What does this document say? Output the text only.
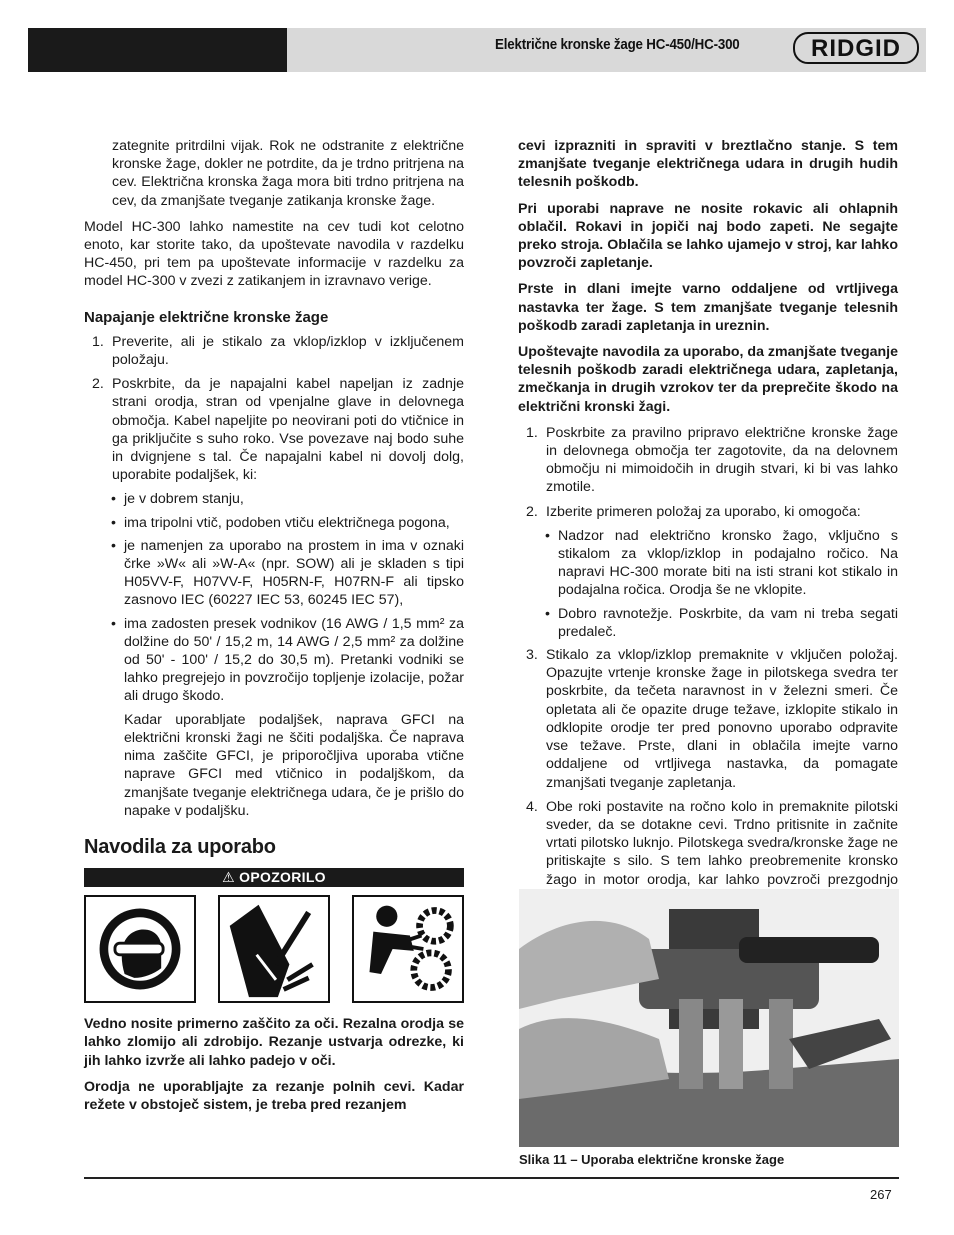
Električne kronske žage HC-450/HC-300	RIDGID

zategnite pritrdilni vijak. Rok ne odstranite z električne kronske žage, dokler ne potrdite, da je trdno pritrjena na cev. Električna kronska žaga mora biti trdno pritrjena na cev, da zmanjšate tveganje zatikanja kronske žage.

Model HC-300 lahko namestite na cev tudi kot celotno enoto, kar storite tako, da upoštevate navodila v razdelku HC-450, pri tem pa upoštevate informacije v razdelku za model HC-300 v zvezi z zatikanjem in izravnavo verige.

Napajanje električne kronske žage
1. Preverite, ali je stikalo za vklop/izklop v izključenem položaju.
2. Poskrbite, da je napajalni kabel napeljan iz zadnje strani orodja, stran od vpenjalne glave in delovnega območja. Kabel napeljite po neovirani poti do vtičnice in ga priključite s suho roko. Vse povezave naj bodo suhe in dvignjene s tal. Če napajalni kabel ni dovolj dolg, uporabite podaljšek, ki:
• je v dobrem stanju,
• ima tripolni vtič, podoben vtiču električnega pogona,
• je namenjen za uporabo na prostem in ima v oznaki črke »W« ali »W-A« (npr. SOW) ali je skladen s tipi H05VV-F, H07VV-F, H05RN-F, H07RN-F ali tipsko zasnovo IEC (60227 IEC 53, 60245 IEC 57),
• ima zadosten presek vodnikov (16 AWG / 1,5 mm² za dolžine do 50' / 15,2 m, 14 AWG / 2,5 mm² za dolžine od 50' - 100' / 15,2 do 30,5 m). Pretanki vodniki se lahko pregrejejo in povzročijo topljenje izolacije, požar ali drugo škodo.

Kadar uporabljate podaljšek, naprava GFCI na električni kronski žagi ne ščiti podaljška. Če naprava nima zaščite GFCI, je priporočljiva uporaba vtične naprave GFCI med vtičnico in podaljškom, da zmanjšate tveganje električnega udara, če je prišlo do napake v podaljšku.

Navodila za uporabo
⚠ OPOZORILO

Vedno nosite primerno zaščito za oči. Rezalna orodja se lahko zlomijo ali zdrobijo. Rezanje ustvarja odrezke, ki jih lahko izvrže ali lahko padejo v oči.

Orodja ne uporabljajte za rezanje polnih cevi. Kadar režete v obstoječ sistem, je treba pred rezanjem

cevi izprazniti in spraviti v breztlačno stanje. S tem zmanjšate tveganje električnega udara in drugih hudih telesnih poškodb.

Pri uporabi naprave ne nosite rokavic ali ohlapnih oblačil. Rokavi in jopiči naj bodo zapeti. Ne segajte preko stroja. Oblačila se lahko ujamejo v stroj, kar lahko povzroči zapletanje.

Prste in dlani imejte varno oddaljene od vrtljivega nastavka ter žage. S tem zmanjšate tveganje telesnih poškodb zaradi zapletanja in ureznin.

Upoštevajte navodila za uporabo, da zmanjšate tveganje telesnih poškodb zaradi električnega udara, zapletanja, zmečkanja in drugih vzrokov ter da preprečite škodo na električni kronski žagi.

1. Poskrbite za pravilno pripravo električne kronske žage in delovnega območja ter zagotovite, da na delovnem območju ni mimoidočih in drugih stvari, ki bi vas lahko zmotile.
2. Izberite primeren položaj za uporabo, ki omogoča:
• Nadzor nad električno kronsko žago, vključno s stikalom za vklop/izklop in podajalno ročico. Na napravi HC-300 morate biti na isti strani kot stikalo in podajalna ročica. Orodja še ne vklopite.
• Dobro ravnotežje. Poskrbite, da vam ni treba segati predaleč.
3. Stikalo za vklop/izklop premaknite v vključen položaj. Opazujte vrtenje kronske žage in pilotskega svedra ter poskrbite, da tečeta naravnost in v železni smeri. Če opletata ali če opazite druge težave, izklopite stikalo in odklopite orodje ter pred ponovno uporabo odpravite vse težave. Prste, dlani in oblačila imejte varno oddaljene od vrtljivega nastavka, da pomagate zmanjšati tveganje zapletanja.
4. Obe roki postavite na ročno kolo in premaknite pilotski sveder, da se dotakne cevi. Trdno pritisnite in začnite vrtati pilotsko luknjo. Pilotskega svedra/kronske žage ne pritiskajte s silo. S tem lahko preobremenite kronsko žago in motor orodja, kar lahko povzroči prezgodnjo
Slika 11 – Uporaba električne kronske žage
267
